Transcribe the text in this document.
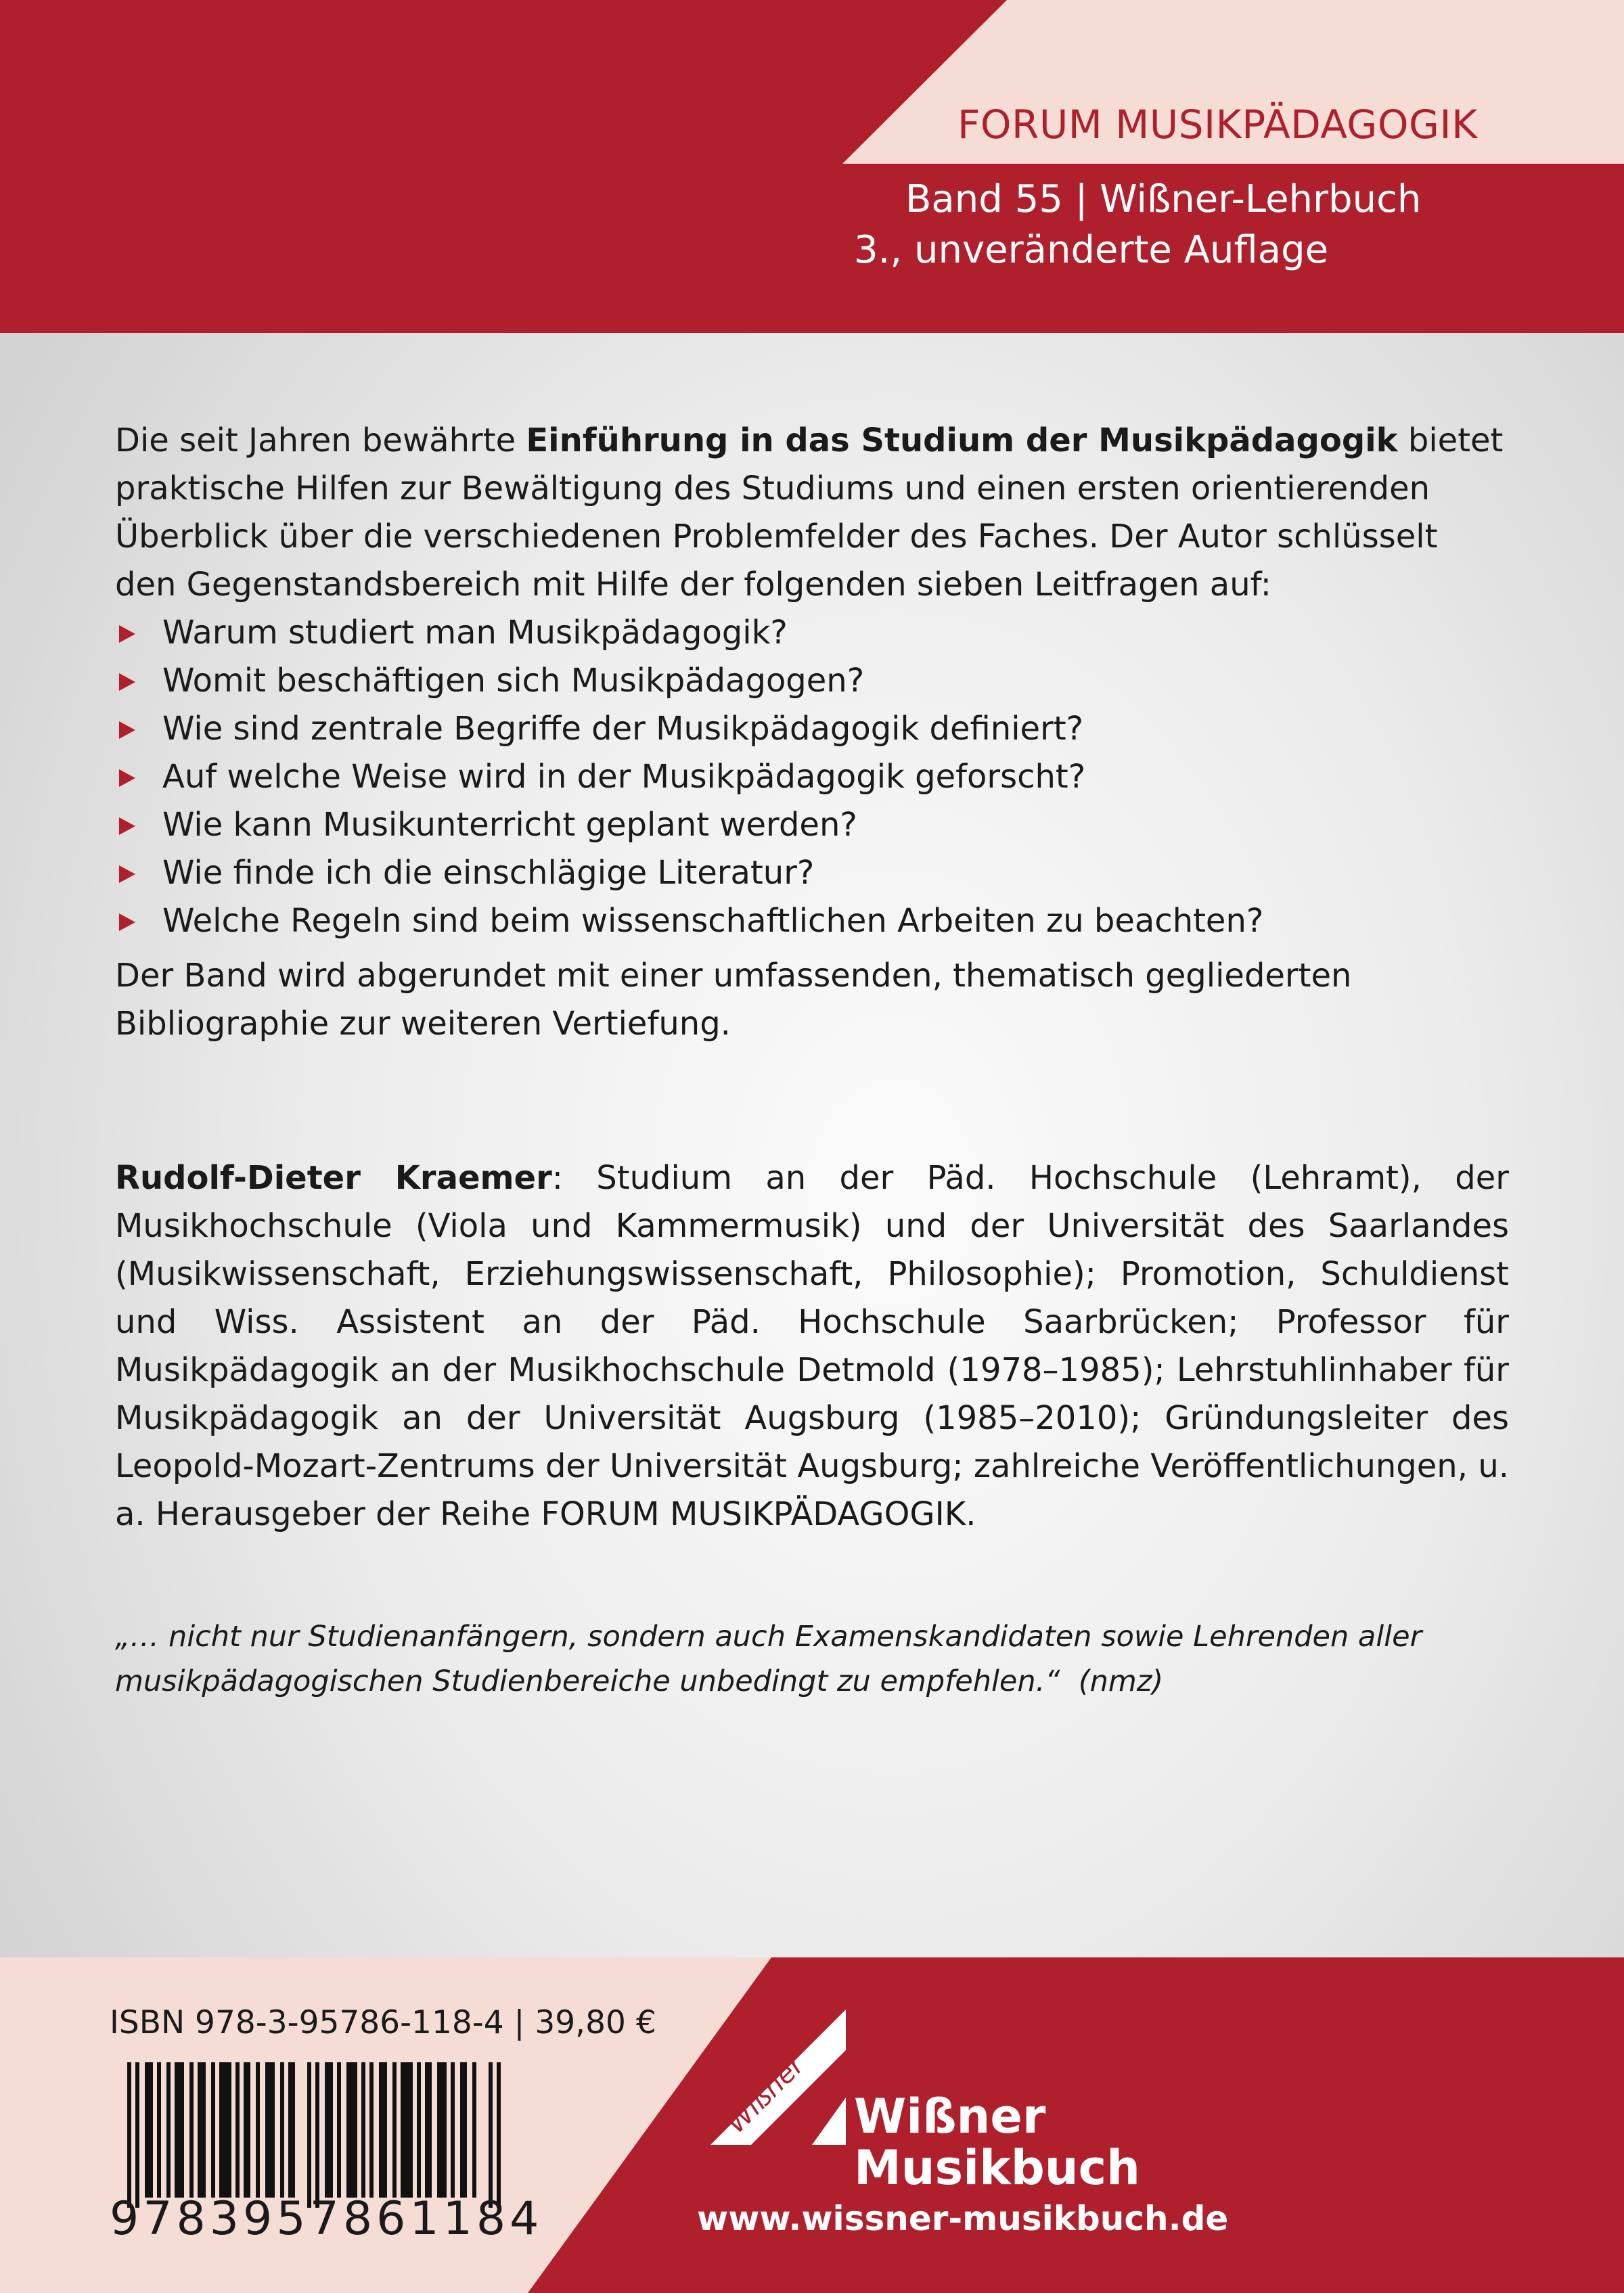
FORUM MUSIKPÄDAGOGIK
Band 55 | Wißner-Lehrbuch
3., unveränderte Auflage

Die seit Jahren bewährte Einführung in das Studium der Musikpädagogik bietet praktische Hilfen zur Bewältigung des Studiums und einen ersten orientierenden Überblick über die verschiedenen Problemfelder des Faches. Der Autor schlüsselt den Gegenstandsbereich mit Hilfe der folgenden sieben Leitfragen auf:

Warum studiert man Musikpädagogik?
Womit beschäftigen sich Musikpädagogen?
Wie sind zentrale Begriffe der Musikpädagogik definiert?
Auf welche Weise wird in der Musikpädagogik geforscht?
Wie kann Musikunterricht geplant werden?
Wie finde ich die einschlägige Literatur?
Welche Regeln sind beim wissenschaftlichen Arbeiten zu beachten?

Der Band wird abgerundet mit einer umfassenden, thematisch gegliederten Bibliographie zur weiteren Vertiefung.

Rudolf-Dieter Kraemer: Studium an der Päd. Hochschule (Lehramt), der Musikhochschule (Viola und Kammermusik) und der Universität des Saarlandes (Musikwissenschaft, Erziehungswissenschaft, Philosophie); Promotion, Schuldienst und Wiss. Assistent an der Päd. Hochschule Saarbrücken; Professor für Musikpädagogik an der Musikhochschule Detmold (1978–1985); Lehrstuhlinhaber für Musikpädagogik an der Universität Augsburg (1985–2010); Gründungsleiter des Leopold-Mozart-Zentrums der Universität Augsburg; zahlreiche Veröffentlichungen, u. a. Herausgeber der Reihe FORUM MUSIKPÄDAGOGIK.
„… nicht nur Studienanfängern, sondern auch Examenskandidaten sowie Lehrenden aller musikpädagogischen Studienbereiche unbedingt zu empfehlen.“ (nmz)
ISBN 978-3-95786-118-4 | 39,80 €
9783957861184
Wißner Wißner
Musikbuch
www.wissner-musikbuch.de
